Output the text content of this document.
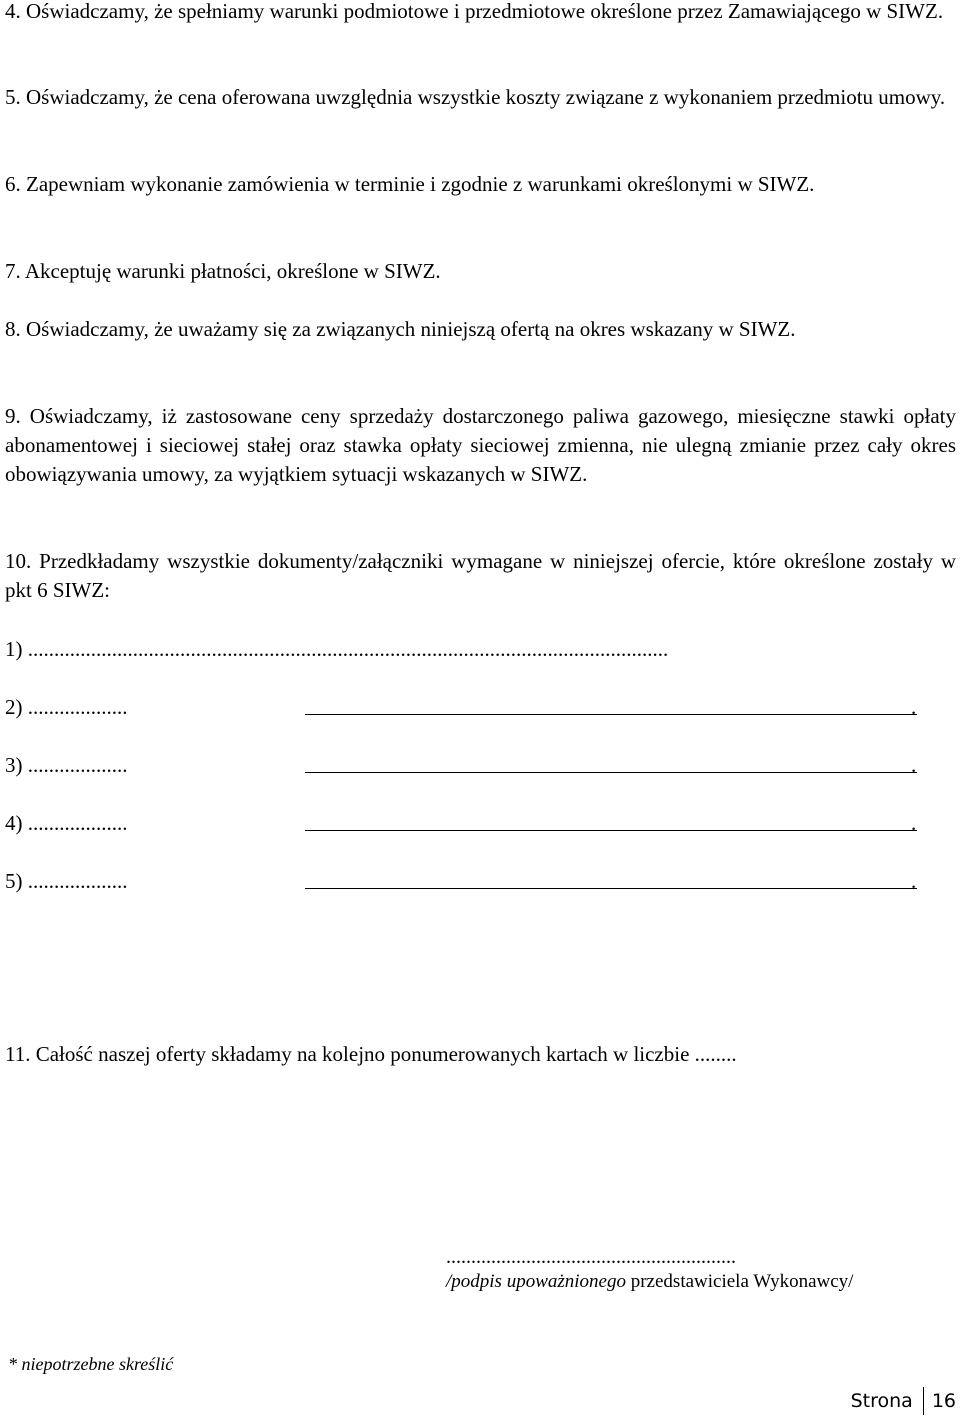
4. Oświadczamy, że spełniamy warunki podmiotowe i przedmiotowe określone przez Zamawiającego w SIWZ.

5. Oświadczamy, że cena oferowana uwzględnia wszystkie koszty związane z wykonaniem przedmiotu umowy.

6. Zapewniam wykonanie zamówienia w terminie i zgodnie z warunkami określonymi w SIWZ.

7. Akceptuję warunki płatności, określone w SIWZ.

8. Oświadczamy, że uważamy się za związanych niniejszą ofertą na okres wskazany w SIWZ.

9. Oświadczamy, iż zastosowane ceny sprzedaży dostarczonego paliwa gazowego, miesięczne stawki opłaty abonamentowej i sieciowej stałej oraz stawka opłaty sieciowej zmienna, nie ulegną zmianie przez cały okres obowiązywania umowy, za wyjątkiem sytuacji wskazanych w SIWZ.

10. Przedkładamy wszystkie dokumenty/załączniki wymagane w niniejszej ofercie, które określone zostały w pkt 6 SIWZ:

1) ..........................................................................................................................
2) ...................	.
3) ...................	.
4) ...................	.
5) ...................	.

11. Całość naszej oferty składamy na kolejno ponumerowanych kartach w liczbie ........

..........................................................
/podpis upoważnionego przedstawiciela Wykonawcy/
* niepotrzebne skreślić
Strona 16
